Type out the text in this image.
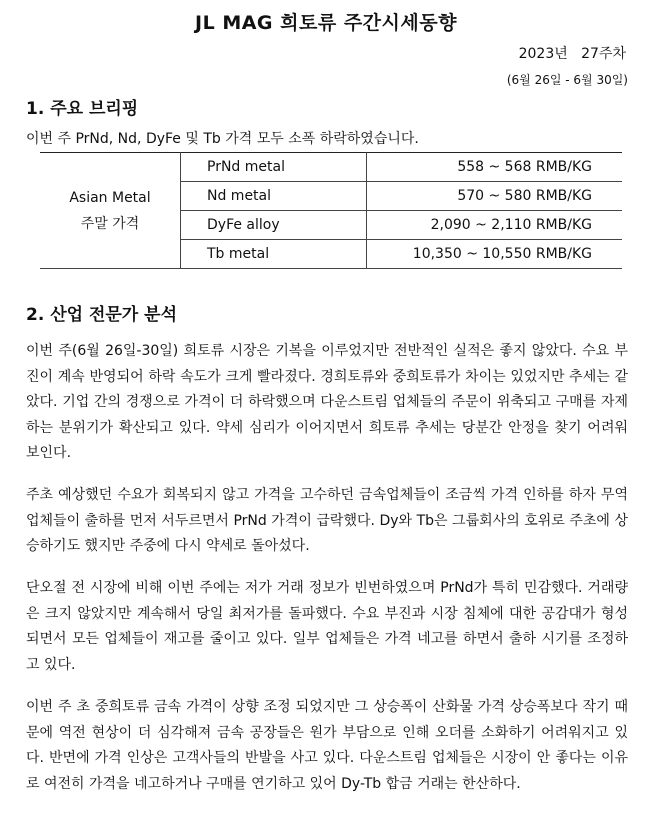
JL MAG 희토류 주간시세동향
2023년 27주차
(6월 26일 - 6월 30일)
1. 주요 브리핑
이번 주 PrNd, Nd, DyFe 및 Tb 가격 모두 소폭 하락하였습니다.
Asian Metal
주말 가격	PrNd metal	558 ~ 568 RMB/KG
	Nd metal	570 ~ 580 RMB/KG
	DyFe alloy	2,090 ~ 2,110 RMB/KG
	Tb metal	10,350 ~ 10,550 RMB/KG
2. 산업 전문가 분석
이번 주(6월 26일-30일) 희토류 시장은 기복을 이루었지만 전반적인 실적은 좋지 않았다. 수요 부진이 계속 반영되어 하락 속도가 크게 빨라졌다. 경희토류와 중희토류가 차이는 있었지만 추세는 같았다. 기업 간의 경쟁으로 가격이 더 하락했으며 다운스트림 업체들의 주문이 위축되고 구매를 자제하는 분위기가 확산되고 있다. 약세 심리가 이어지면서 희토류 추세는 당분간 안정을 찾기 어려워 보인다.
주초 예상했던 수요가 회복되지 않고 가격을 고수하던 금속업체들이 조금씩 가격 인하를 하자 무역업체들이 출하를 먼저 서두르면서 PrNd 가격이 급락했다. Dy와 Tb은 그룹회사의 호위로 주초에 상승하기도 했지만 주중에 다시 약세로 돌아섰다.
단오절 전 시장에 비해 이번 주에는 저가 거래 정보가 빈번하였으며 PrNd가 특히 민감했다. 거래량은 크지 않았지만 계속해서 당일 최저가를 돌파했다. 수요 부진과 시장 침체에 대한 공감대가 형성되면서 모든 업체들이 재고를 줄이고 있다. 일부 업체들은 가격 네고를 하면서 출하 시기를 조정하고 있다.
이번 주 초 중희토류 금속 가격이 상향 조정 되었지만 그 상승폭이 산화물 가격 상승폭보다 작기 때문에 역전 현상이 더 심각해져 금속 공장들은 원가 부담으로 인해 오더를 소화하기 어려워지고 있다. 반면에 가격 인상은 고객사들의 반발을 사고 있다. 다운스트림 업체들은 시장이 안 좋다는 이유로 여전히 가격을 네고하거나 구매를 연기하고 있어 Dy-Tb 합금 거래는 한산하다.
